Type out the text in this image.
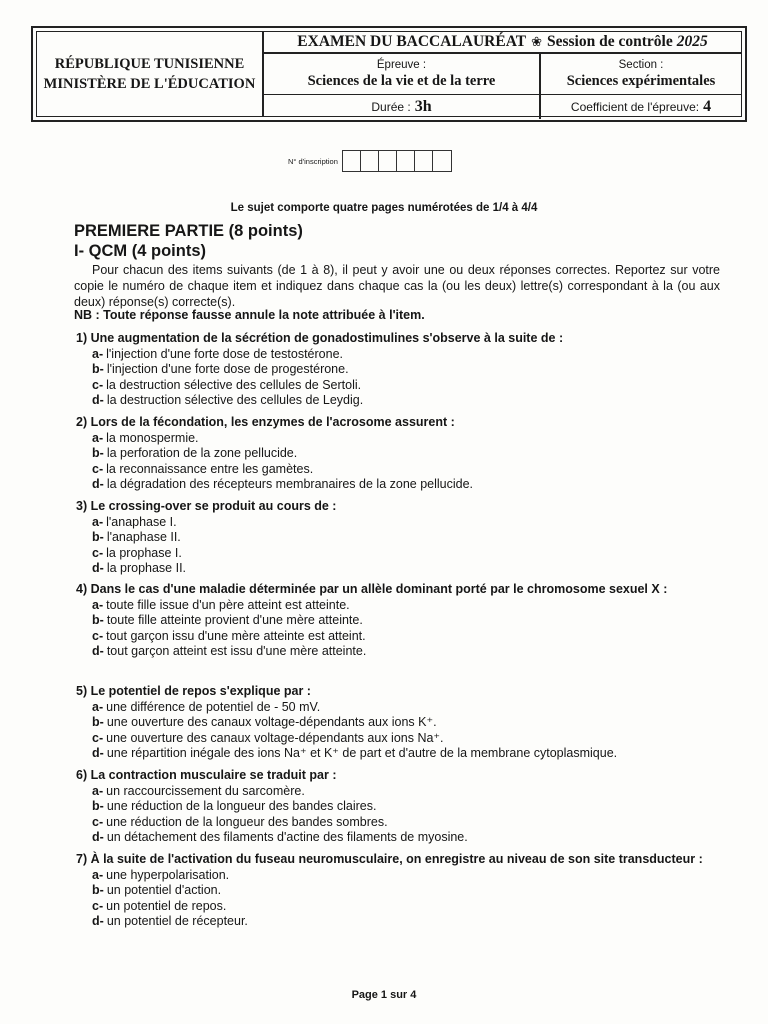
RÉPUBLIQUE TUNISIENNE
MINISTÈRE DE L'ÉDUCATION
EXAMEN DU BACCALAURÉAT ❀ Session de contrôle 2025
Épreuve :
Sciences de la vie et de la terre
Section :
Sciences expérimentales
Durée : 3h	Coefficient de l'épreuve: 4
N° d'inscription
Le sujet comporte quatre pages numérotées de 1/4 à 4/4
PREMIERE PARTIE (8 points)
I- QCM (4 points)

Pour chacun des items suivants (de 1 à 8), il peut y avoir une ou deux réponses correctes. Reportez sur votre copie le numéro de chaque item et indiquez dans chaque cas la (ou les deux) lettre(s) correspondant à la (ou aux deux) réponse(s) correcte(s).

NB : Toute réponse fausse annule la note attribuée à l'item.
1) Une augmentation de la sécrétion de gonadostimulines s'observe à la suite de :
a- l'injection d'une forte dose de testostérone.
b- l'injection d'une forte dose de progestérone.
c- la destruction sélective des cellules de Sertoli.
d- la destruction sélective des cellules de Leydig.
2) Lors de la fécondation, les enzymes de l'acrosome assurent :
a- la monospermie.
b- la perforation de la zone pellucide.
c- la reconnaissance entre les gamètes.
d- la dégradation des récepteurs membranaires de la zone pellucide.
3) Le crossing-over se produit au cours de :
a- l'anaphase I.
b- l'anaphase II.
c- la prophase I.
d- la prophase II.
4) Dans le cas d'une maladie déterminée par un allèle dominant porté par le chromosome sexuel X :
a- toute fille issue d'un père atteint est atteinte.
b- toute fille atteinte provient d'une mère atteinte.
c- tout garçon issu d'une mère atteinte est atteint.
d- tout garçon atteint est issu d'une mère atteinte.
5) Le potentiel de repos s'explique par :
a- une différence de potentiel de - 50 mV.
b- une ouverture des canaux voltage-dépendants aux ions K⁺.
c- une ouverture des canaux voltage-dépendants aux ions Na⁺.
d- une répartition inégale des ions Na⁺ et K⁺ de part et d'autre de la membrane cytoplasmique.
6) La contraction musculaire se traduit par :
a- un raccourcissement du sarcomère.
b- une réduction de la longueur des bandes claires.
c- une réduction de la longueur des bandes sombres.
d- un détachement des filaments d'actine des filaments de myosine.
7) À la suite de l'activation du fuseau neuromusculaire, on enregistre au niveau de son site transducteur :
a- une hyperpolarisation.
b- un potentiel d'action.
c- un potentiel de repos.
d- un potentiel de récepteur.
Page 1 sur 4
